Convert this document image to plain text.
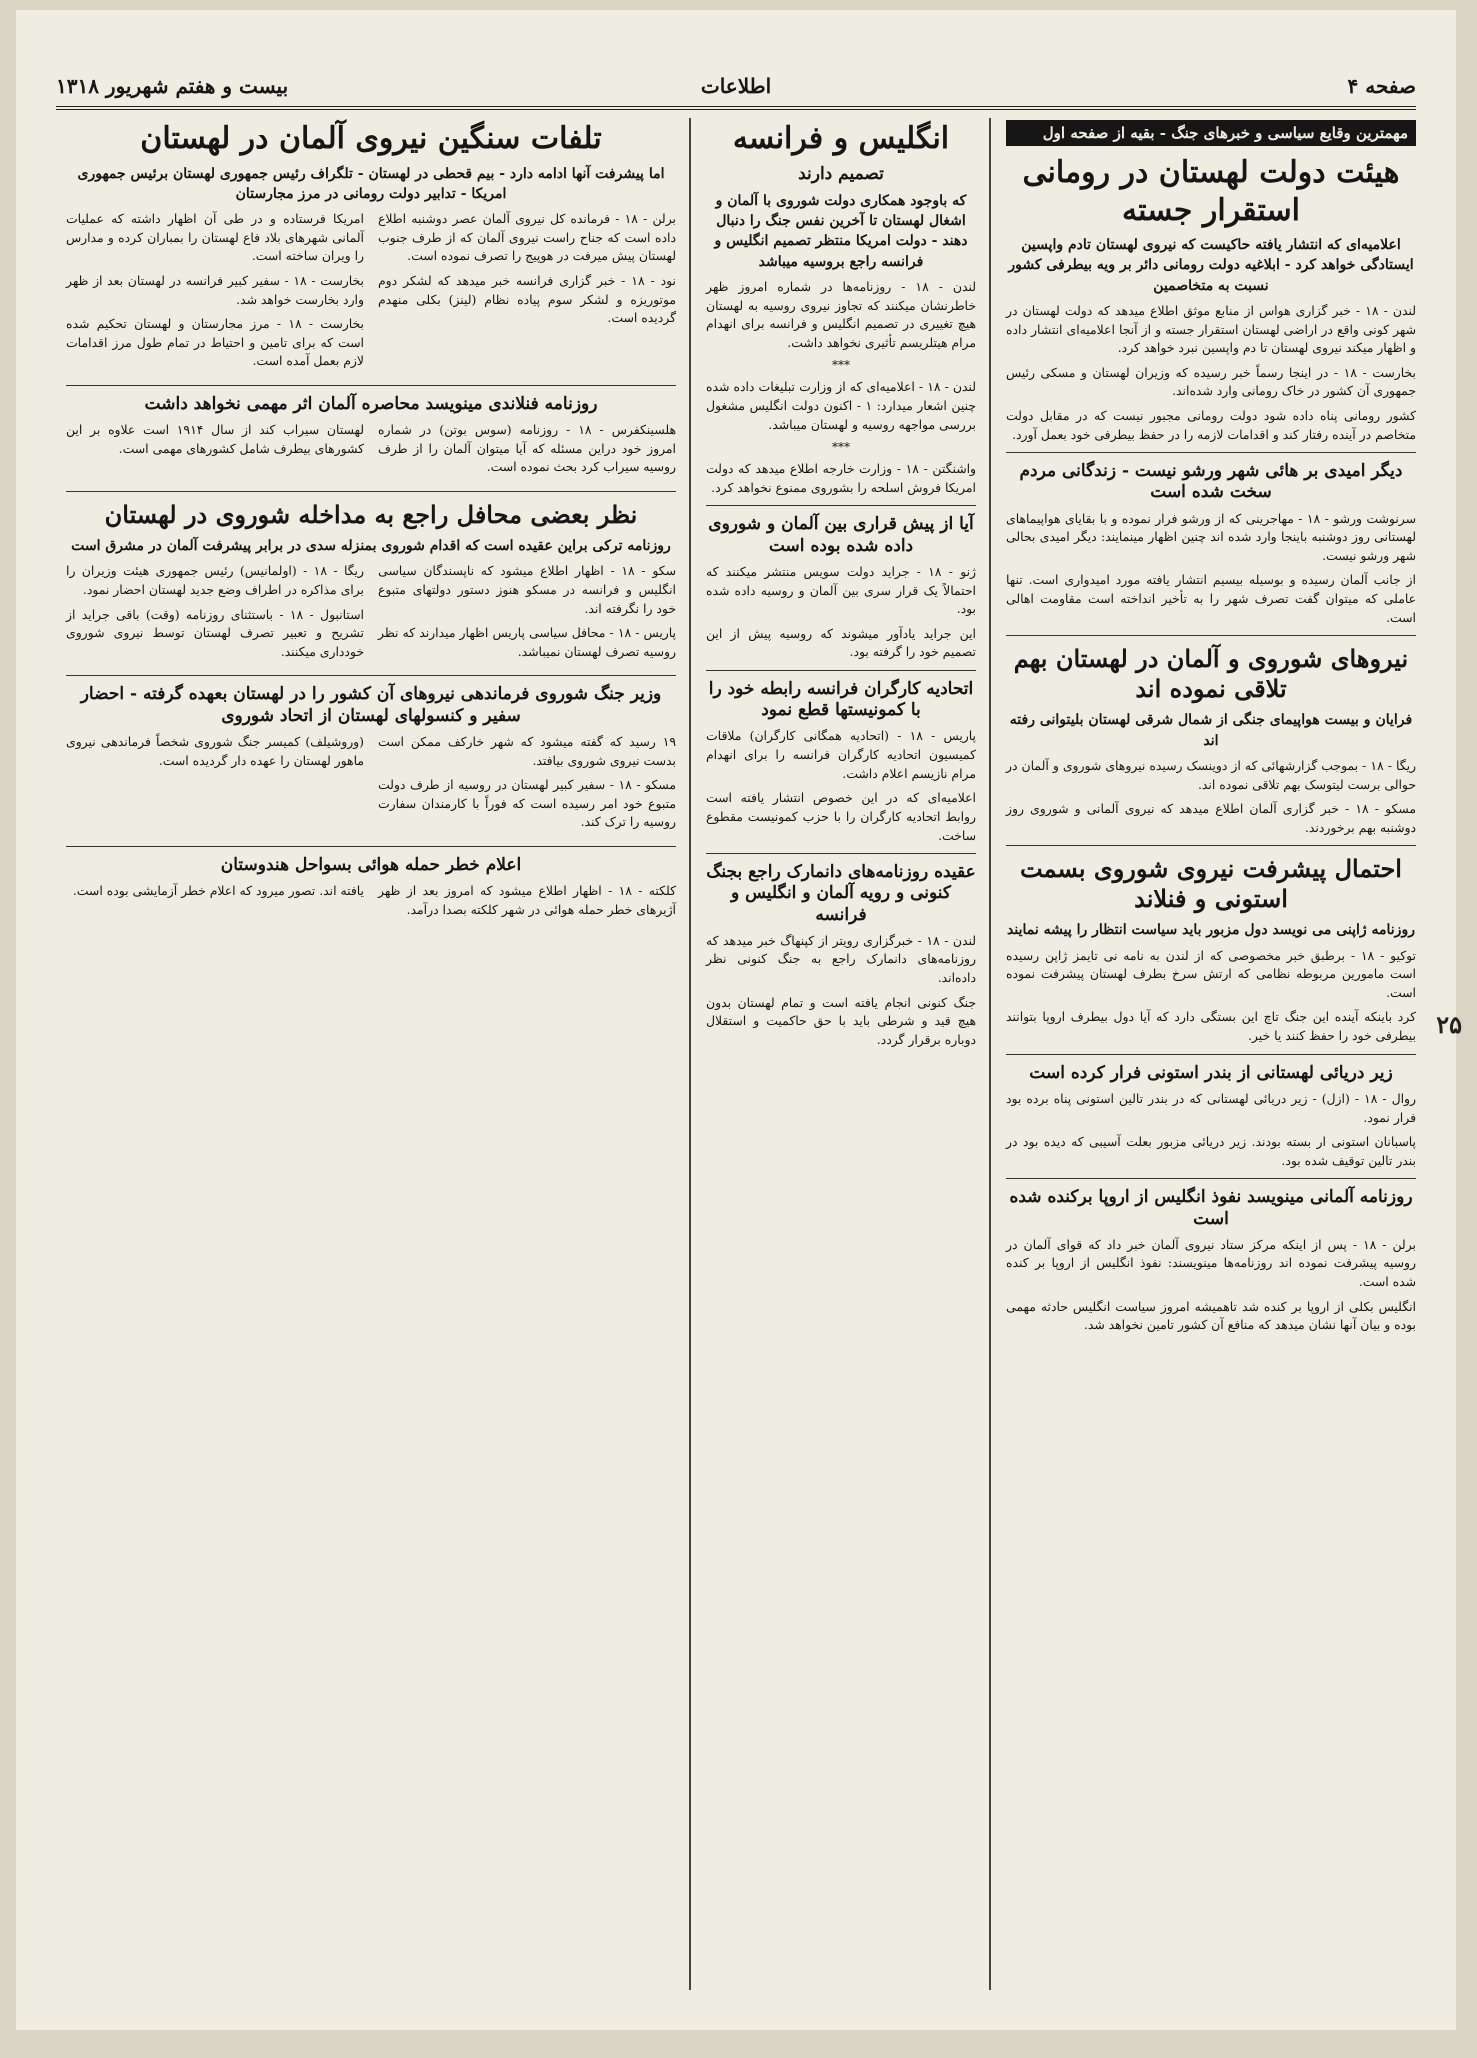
صفحه ۴
اطلاعات
بیست و هفتم شهریور ۱۳۱۸
۲۵
مهمترین وقایع سیاسی و خبرهای جنگ - بقیه از صفحه اول
هیئت دولت لهستان در رومانی استقرار جسته
اعلامیه‌ای که انتشار یافته حاکیست که نیروی لهستان تادم واپسین ایستادگی خواهد کرد - ابلاغیه دولت رومانی دائر بر ویه بیطرفی کشور نسبت به متخاصمین

لندن - ۱۸ - خبر گزاری هواس از منابع موثق اطلاع میدهد که دولت لهستان در شهر کونی واقع در اراضی لهستان استقرار جسته و از آنجا اعلامیه‌ای انتشار داده و اظهار میکند نیروی لهستان تا دم واپسین نبرد خواهد کرد.

بخارست - ۱۸ - در اینجا رسماً خبر رسیده که وزیران لهستان و مسکی رئیس جمهوری آن کشور در خاک رومانی وارد شده‌اند.

کشور رومانی پناه داده شود دولت رومانی مجبور نیست که در مقابل دولت متخاصم در آینده رفتار کند و اقدامات لازمه را در حفظ بیطرفی خود بعمل آورد.

دیگر امیدی بر هائی شهر ورشو نیست - زندگانی مردم سخت شده است

سرنوشت ورشو - ۱۸ - مهاجرینی که از ورشو فرار نموده و با بقایای هواپیماهای لهستانی روز دوشنبه باینجا وارد شده اند چنین اظهار مینمایند: دیگر امیدی بحالی شهر ورشو نیست.

از جانب آلمان رسیده و بوسیله بیسیم انتشار یافته مورد امیدواری است. تنها عاملی که میتوان گفت تصرف شهر را به تأخیر انداخته است مقاومت اهالی است.

نیروهای شوروی و آلمان در لهستان بهم تلاقی نموده اند
فرایان و بیست هواپیمای جنگی از شمال شرقی لهستان بلیتوانی رفته اند

ریگا - ۱۸ - بموجب گزارشهائی که از دوینسک رسیده نیروهای شوروی و آلمان در حوالی برست لیتوسک بهم تلاقی نموده اند.

مسکو - ۱۸ - خبر گزاری آلمان اطلاع میدهد که نیروی آلمانی و شوروی روز دوشنبه بهم برخوردند.

احتمال پیشرفت نیروی شوروی بسمت استونی و فنلاند
روزنامه ژاپنی می نویسد دول مزبور باید سیاست انتظار را پیشه نمایند

توکیو - ۱۸ - برطبق خبر مخصوصی که از لندن به نامه نی تایمز ژاپن رسیده است مامورین مربوطه نظامی که ارتش سرخ بطرف لهستان پیشرفت نموده است.

کرد باینکه آینده این جنگ تاچ این بستگی دارد که آیا دول بیطرف اروپا بتوانند بیطرفی خود را حفظ کنند یا خیر.

زیر دریائی لهستانی از بندر استونی فرار کرده است

روال - ۱۸ - (ازل) - زیر دریائی لهستانی که در بندر تالین استونی پناه برده بود فرار نمود.

پاسبانان استونی ار بسته بودند. زیر دریائی مزبور بعلت آسیبی که دیده بود در بندر تالین توقیف شده بود.

روزنامه آلمانی مینویسد نفوذ انگلیس از اروپا برکنده شده است

برلن - ۱۸ - پس از اینکه مرکز ستاد نیروی آلمان خبر داد که قوای آلمان در روسیه پیشرفت نموده اند روزنامه‌ها مینویسند: نفوذ انگلیس از اروپا بر کنده شده است.

انگلیس بکلی از اروپا بر کنده شد تاهمیشه امروز سیاست انگلیس حادثه مهمی بوده و بیان آنها نشان میدهد که منافع آن کشور تامین نخواهد شد.

انگلیس و فرانسه
تصمیم دارند
که باوجود همکاری دولت شوروی با آلمان و اشغال لهستان تا آخرین نفس جنگ را دنبال دهند - دولت امریکا منتظر تصمیم انگلیس و فرانسه راجع بروسیه میباشد

لندن - ۱۸ - روزنامه‌ها در شماره امروز ظهر خاطرنشان میکنند که تجاوز نیروی روسیه به لهستان هیچ تغییری در تصمیم انگلیس و فرانسه برای انهدام مرام هیتلریسم تأثیری نخواهد داشت.

***

لندن - ۱۸ - اعلامیه‌ای که از وزارت تبلیغات داده شده چنین اشعار میدارد: ۱ - اکنون دولت انگلیس مشغول بررسی مواجهه روسیه و لهستان میباشد.

***

واشنگتن - ۱۸ - وزارت خارجه اطلاع میدهد که دولت امریکا فروش اسلحه را بشوروی ممنوع نخواهد کرد.

آیا از پیش قراری بین آلمان و شوروی داده شده بوده است

ژنو - ۱۸ - جراید دولت سویس منتشر میکنند که احتمالاً یک قرار سری بین آلمان و روسیه داده شده بود.

این جراید یادآور میشوند که روسیه پیش از این تصمیم خود را گرفته بود.

اتحادیه کارگران فرانسه رابطه خود را با کمونیستها قطع نمود

پاریس - ۱۸ - (اتحادیه همگانی کارگران) ملاقات کمیسیون اتحادیه کارگران فرانسه را برای انهدام مرام نازیسم اعلام داشت.

اعلامیه‌ای که در این خصوص انتشار یافته است روابط اتحادیه کارگران را با حزب کمونیست مقطوع ساخت.

عقیده روزنامه‌های دانمارک راجع بجنگ کنونی و رویه آلمان و انگلیس و فرانسه

لندن - ۱۸ - خبرگزاری رویتر از کپنهاگ خبر میدهد که روزنامه‌های دانمارک راجع به جنگ کنونی نظر داده‌اند.

جنگ کنونی انجام یافته است و تمام لهستان بدون هیچ قید و شرطی باید با حق حاکمیت و استقلال دوباره برقرار گردد.

تلفات سنگین نیروی آلمان در لهستان
اما پیشرفت آنها ادامه دارد - بیم قحطی در لهستان - تلگراف رئیس جمهوری لهستان برئیس جمهوری امریکا - تدابیر دولت رومانی در مرز مجارستان

برلن - ۱۸ - فرمانده کل نیروی آلمان عصر دوشنبه اطلاع داده است که جناح راست نیروی آلمان که از طرف جنوب لهستان پیش میرفت در هوپیج را تصرف نموده است.

نود - ۱۸ - خبر گزاری فرانسه خبر میدهد که لشکر دوم موتوریزه و لشکر سوم پیاده نظام (لینز) بکلی منهدم گردیده است.

امریکا فرستاده و در طی آن اظهار داشته که عملیات آلمانی شهرهای بلاد فاع لهستان را بمباران کرده و مدارس را ویران ساخته است.

بخارست - ۱۸ - سفیر کبیر فرانسه در لهستان بعد از ظهر وارد بخارست خواهد شد.

بخارست - ۱۸ - مرز مجارستان و لهستان تحکیم شده است که برای تامین و احتیاط در تمام طول مرز اقدامات لازم بعمل آمده است.

روزنامه فنلاندی مینویسد محاصره آلمان اثر مهمی نخواهد داشت

هلسینکفرس - ۱۸ - روزنامه (سوس بوتن) در شماره امروز خود دراین مسئله که آیا میتوان آلمان را از طرف روسیه سیراب کرد بحث نموده است.

لهستان سیراب کند از سال ۱۹۱۴ است علاوه بر این کشورهای بیطرف شامل کشورهای مهمی است.

نظر بعضی محافل راجع به مداخله شوروی در لهستان
روزنامه ترکی براین عقیده است که اقدام شوروی بمنزله سدی در برابر پیشرفت آلمان در مشرق است

سکو - ۱۸ - اظهار اطلاع میشود که ناپسندگان سیاسی انگلیس و فرانسه در مسکو هنوز دستور دولتهای متبوع خود را نگرفته اند.

پاریس - ۱۸ - محافل سیاسی پاریس اظهار میدارند که نظر روسیه تصرف لهستان نمیباشد.

ریگا - ۱۸ - (اولمانیس) رئیس جمهوری هیئت وزیران را برای مذاکره در اطراف وضع جدید لهستان احضار نمود.

استانبول - ۱۸ - باستثنای روزنامه (وقت) باقی جراید از تشریح و تعبیر تصرف لهستان توسط نیروی شوروی خودداری میکنند.

وزیر جنگ شوروی فرماندهی نیروهای آن کشور را در لهستان بعهده گرفته - احضار سفیر و کنسولهای لهستان از اتحاد شوروی

۱۹ رسید که گفته میشود که شهر خارکف ممکن است بدست نیروی شوروی بیافتد.

مسکو - ۱۸ - سفیر کبیر لهستان در روسیه از طرف دولت متبوع خود امر رسیده است که فوراً با کارمندان سفارت روسیه را ترک کند.

(وروشیلف) کمیسر جنگ شوروی شخصاً فرماندهی نیروی ماهور لهستان را عهده دار گردیده است.

اعلام خطر حمله هوائی بسواحل هندوستان

کلکته - ۱۸ - اظهار اطلاع میشود که امروز بعد از ظهر آژیرهای خطر حمله هوائی در شهر کلکته بصدا درآمد.

یافته اند. تصور میرود که اعلام خطر آزمایشی بوده است.
